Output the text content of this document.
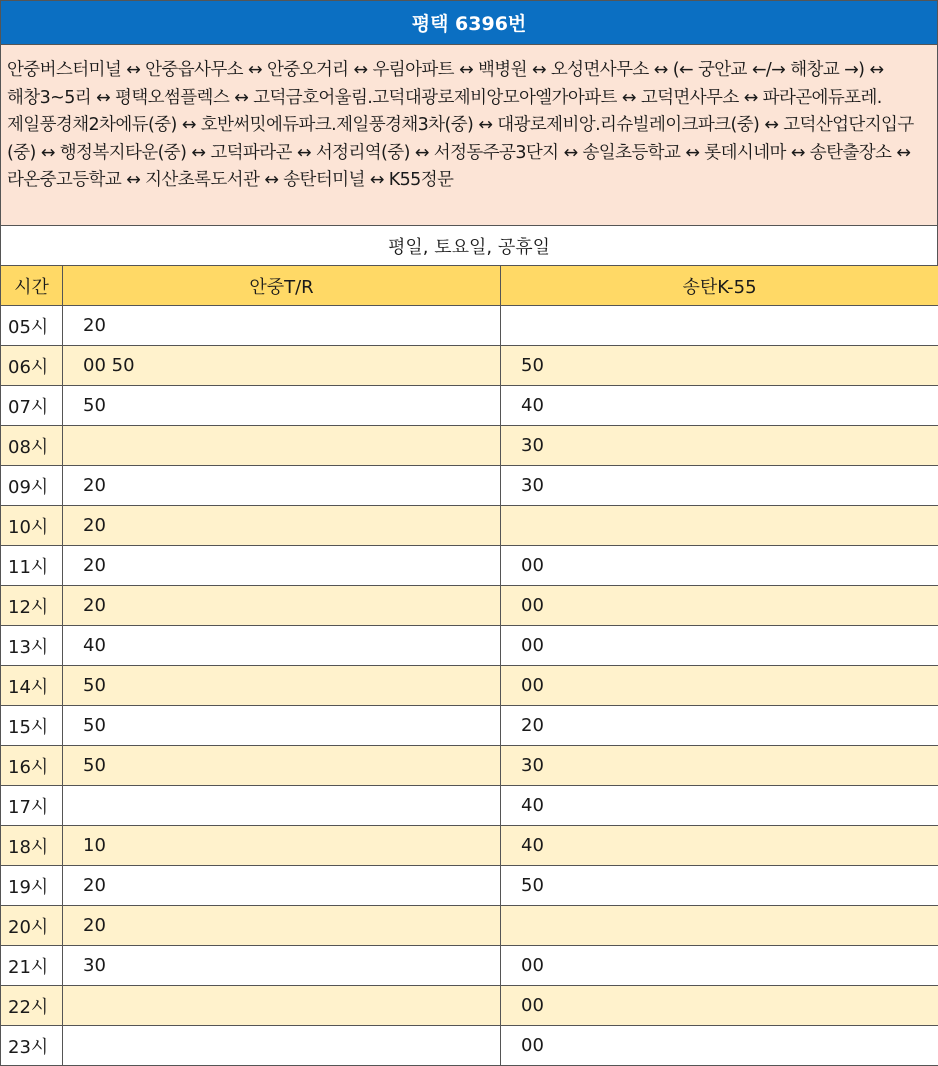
평택 6396번
안중버스터미널 ↔ 안중읍사무소 ↔ 안중오거리 ↔ 우림아파트 ↔ 백병원 ↔ 오성면사무소 ↔ (← 궁안교 ←/→ 해창교 →) ↔ 해창3~5리 ↔ 평택오썸플렉스 ↔ 고덕금호어울림.고덕대광로제비앙모아엘가아파트 ↔ 고덕면사무소 ↔ 파라곤에듀포레.제일풍경채2차에듀(중) ↔ 호반써밋에듀파크.제일풍경채3차(중) ↔ 대광로제비앙.리슈빌레이크파크(중) ↔ 고덕산업단지입구(중) ↔ 행정복지타운(중) ↔ 고덕파라곤 ↔ 서정리역(중) ↔ 서정동주공3단지 ↔ 송일초등학교 ↔ 롯데시네마 ↔ 송탄출장소 ↔ 라온중고등학교 ↔ 지산초록도서관 ↔ 송탄터미널 ↔ K55정문
평일, 토요일, 공휴일
시간	안중T/R	송탄K-55
05시	20	
06시	00 50	50
07시	50	40
08시		30
09시	20	30
10시	20	
11시	20	00
12시	20	00
13시	40	00
14시	50	00
15시	50	20
16시	50	30
17시		40
18시	10	40
19시	20	50
20시	20	
21시	30	00
22시		00
23시		00
